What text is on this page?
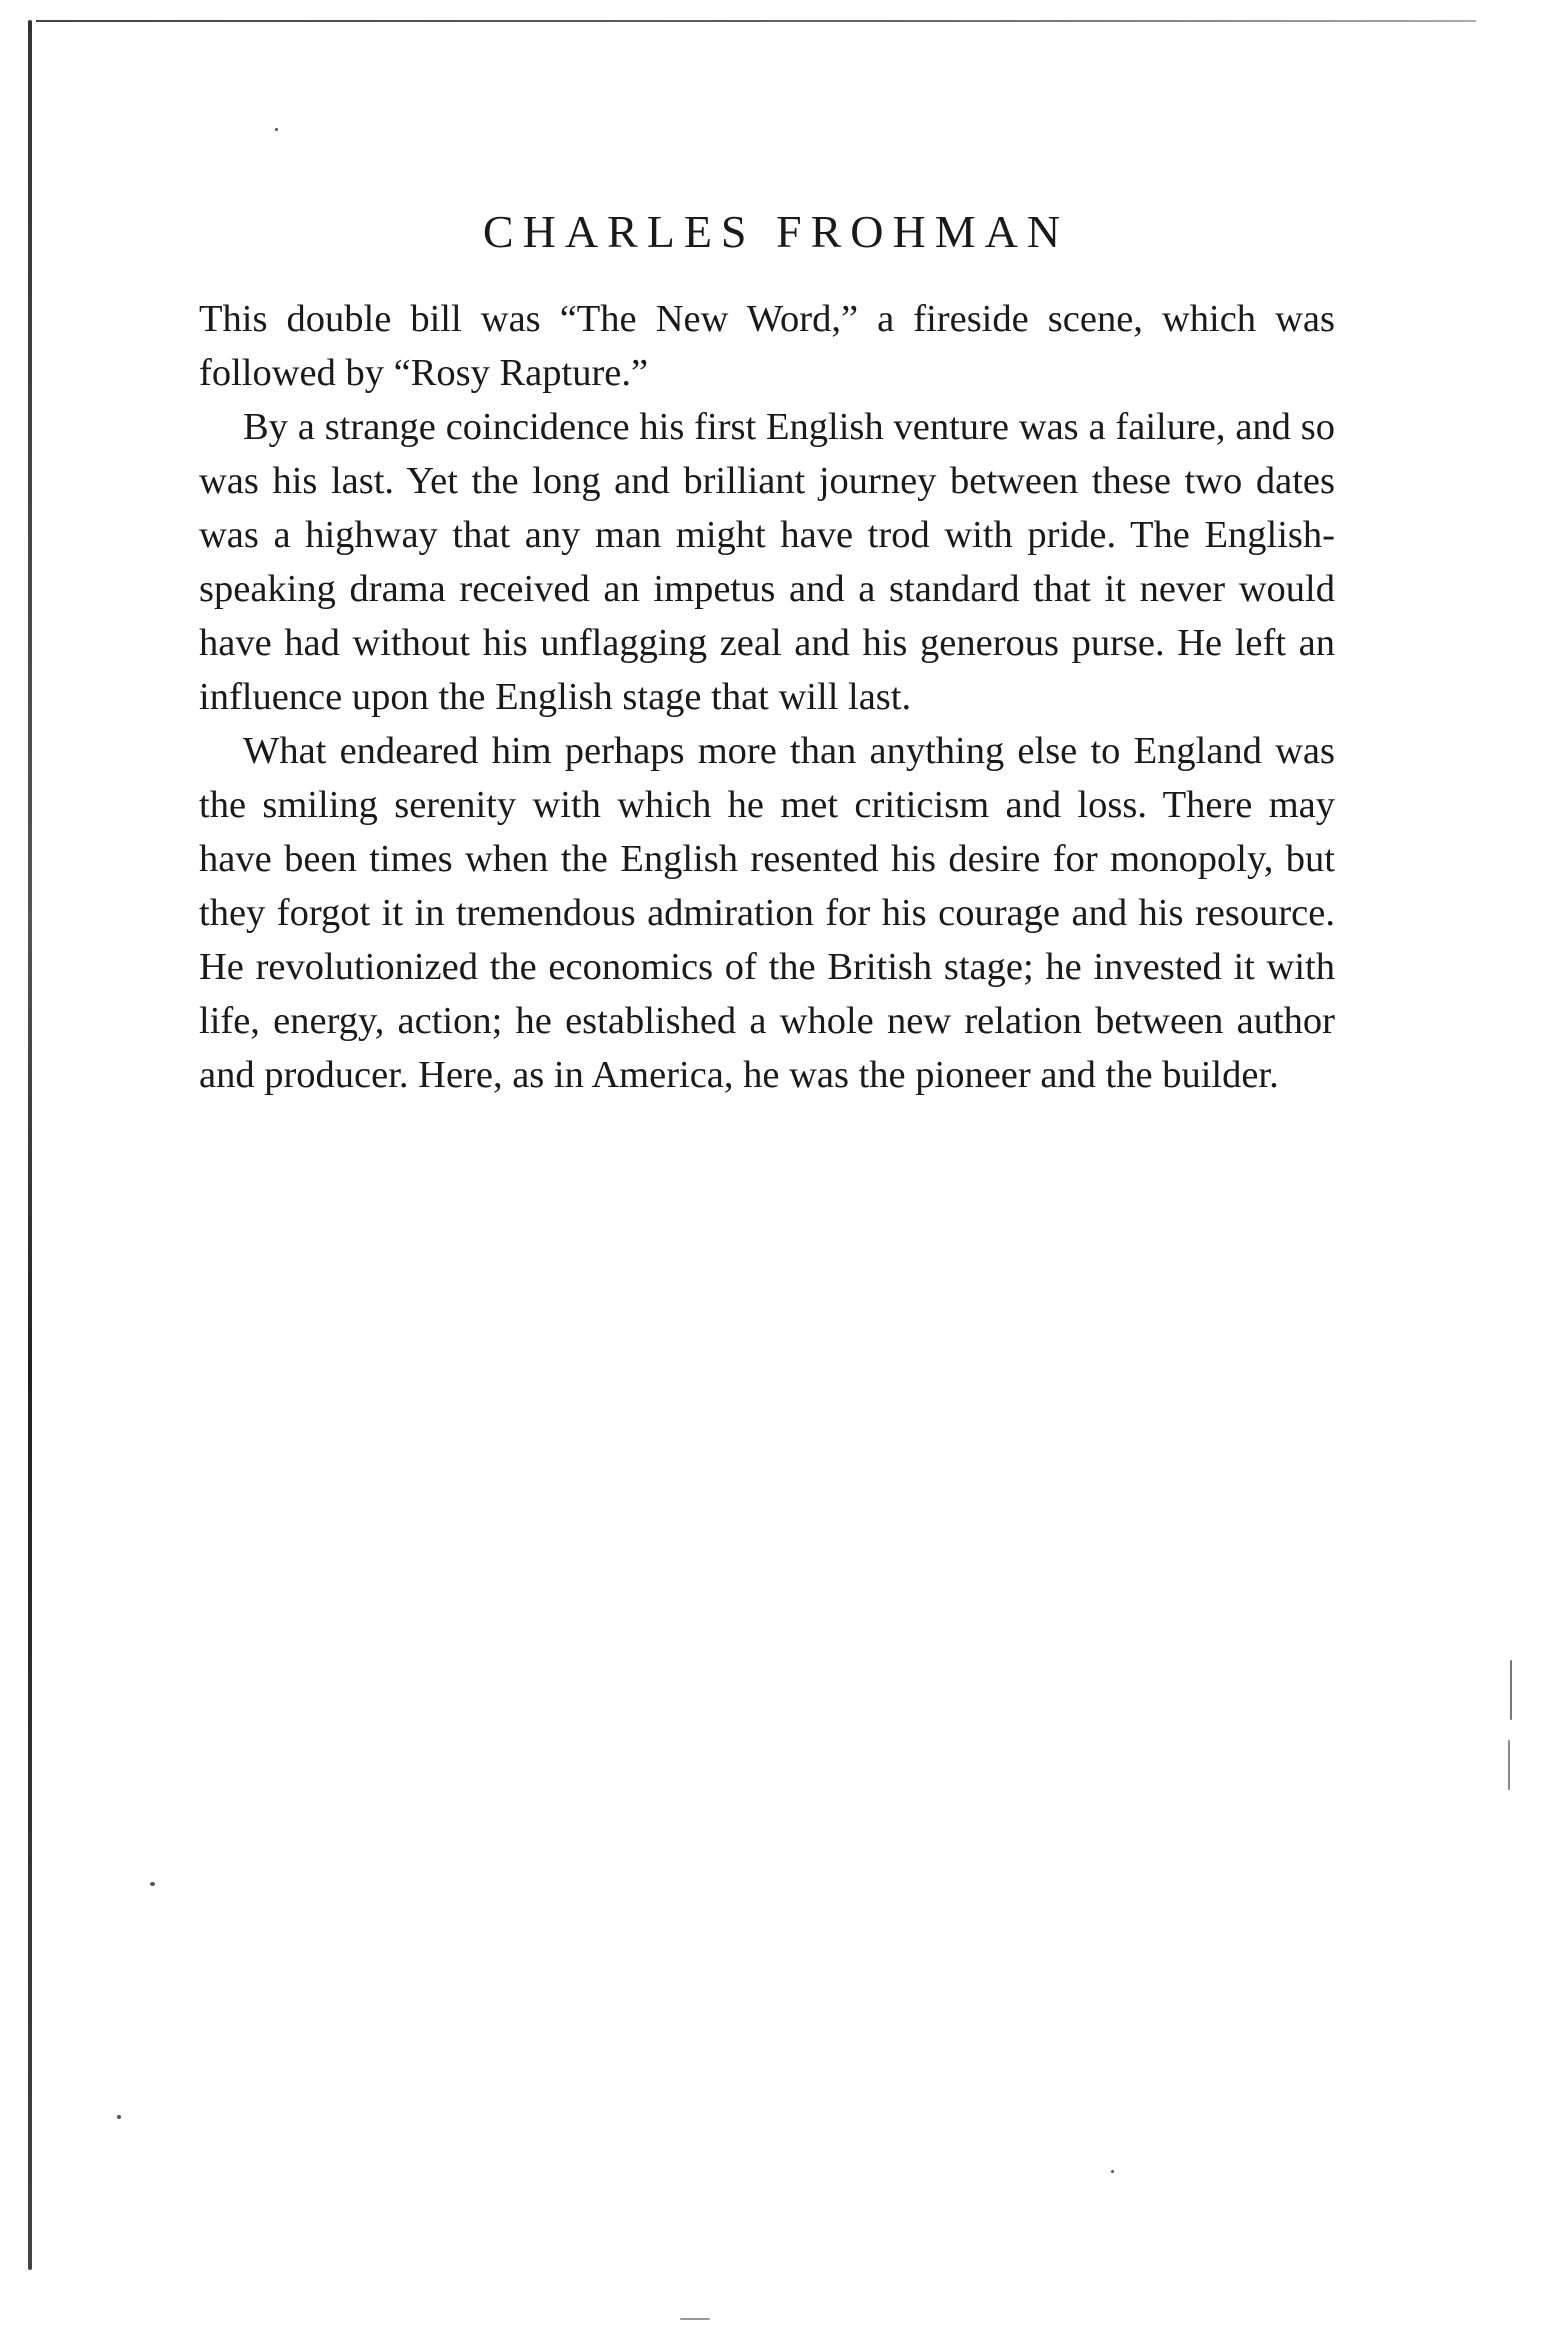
CHARLES FROHMAN

This double bill was “The New Word,” a fireside scene, which was followed by “Rosy Rapture.”

By a strange coincidence his first English venture was a failure, and so was his last. Yet the long and brilliant journey between these two dates was a highway that any man might have trod with pride. The English-speaking drama received an impetus and a standard that it never would have had without his unflagging zeal and his generous purse. He left an influence upon the English stage that will last.

What endeared him perhaps more than anything else to England was the smiling serenity with which he met criticism and loss. There may have been times when the English resented his desire for monopoly, but they forgot it in tremendous admiration for his courage and his resource. He revolutionized the economics of the British stage; he invested it with life, energy, action; he established a whole new relation between author and producer. Here, as in America, he was the pioneer and the builder.
